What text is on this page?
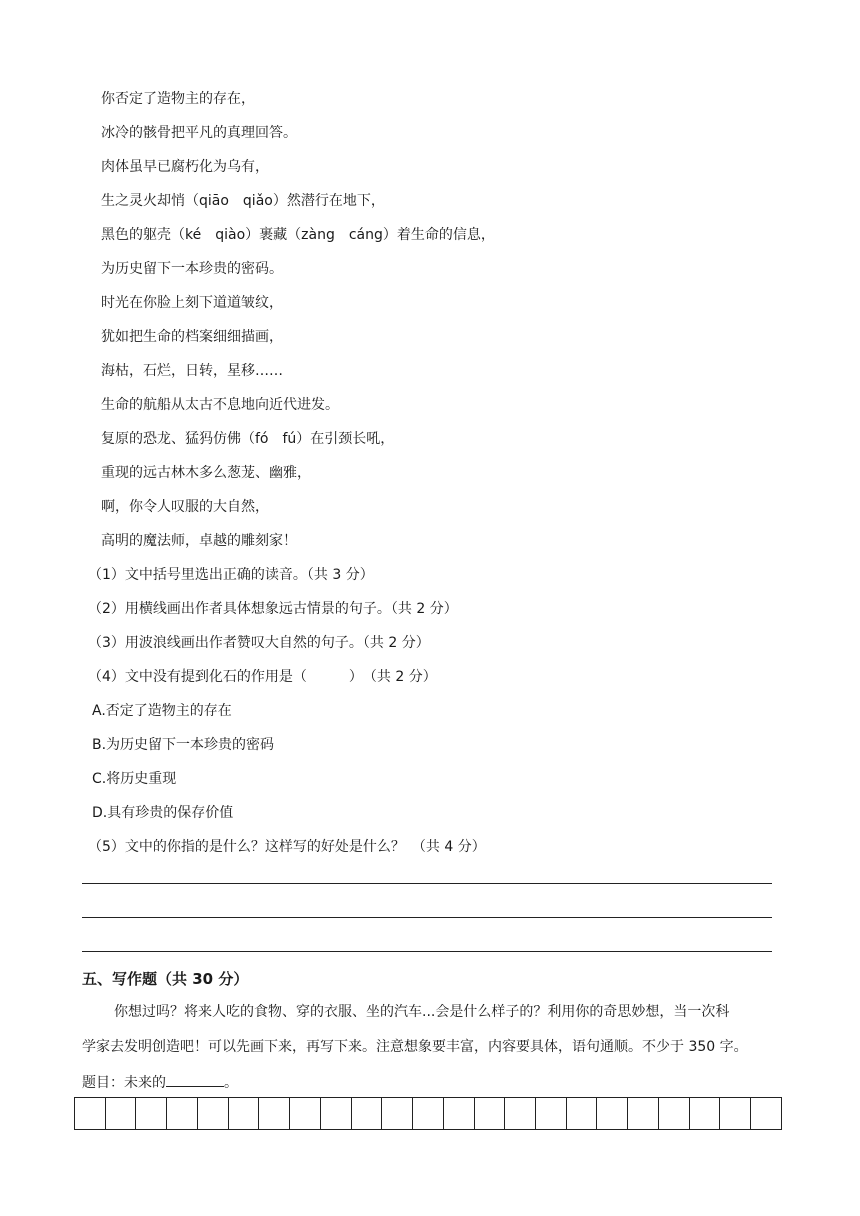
你否定了造物主的存在，
冰冷的骸骨把平凡的真理回答。
肉体虽早已腐朽化为乌有，
生之灵火却悄（qiāo　qiǎo）然潜行在地下，
黑色的躯壳（ké　qiào）裹藏（zàng　cáng）着生命的信息，
为历史留下一本珍贵的密码。
时光在你脸上刻下道道皱纹，
犹如把生命的档案细细描画，
海枯，石烂，日转，星移……
生命的航船从太古不息地向近代进发。
复原的恐龙、猛犸仿佛（fó　fú）在引颈长吼，
重现的远古林木多么葱茏、幽雅，
啊，你令人叹服的大自然，
高明的魔法师，卓越的雕刻家！
（1）文中括号里选出正确的读音。（共 3 分）
（2）用横线画出作者具体想象远古情景的句子。（共 2 分）
（3）用波浪线画出作者赞叹大自然的句子。（共 2 分）
（4）文中没有提到化石的作用是（　　　）　（共 2 分）
A.否定了造物主的存在
B.为历史留下一本珍贵的密码
C.将历史重现
D.具有珍贵的保存价值
（5）文中的你指的是什么？这样写的好处是什么？　（共 4 分）
五、写作题（共 30 分）
你想过吗？将来人吃的食物、穿的衣服、坐的汽车...会是什么样子的？利用你的奇思妙想，当一次科
学家去发明创造吧！可以先画下来，再写下来。注意想象要丰富，内容要具体，语句通顺。不少于 350 字。
题目：未来的	。
